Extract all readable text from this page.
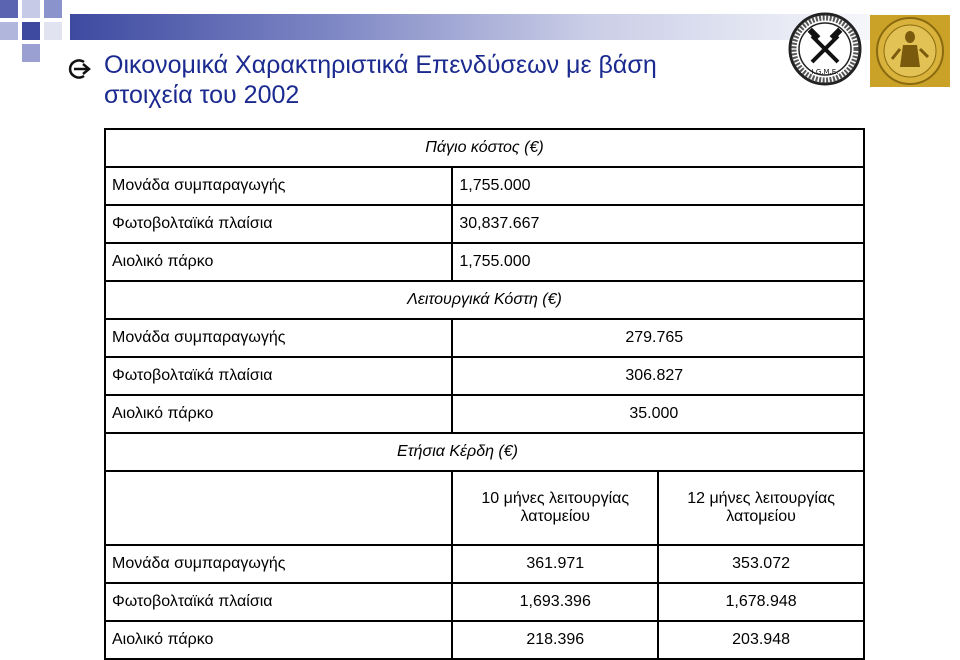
I.G.M.E.
Οικονομικά Χαρακτηριστικά Επενδύσεων με βάση στοιχεία του 2002
Πάγιο κόστος (€)		
Μονάδα συμπαραγωγής	1,755.000	
Φωτοβολταϊκά πλαίσια	30,837.667	
Αιολικό πάρκο	1,755.000	
Λειτουργικά Κόστη (€)		
Μονάδα συμπαραγωγής	279.765	
Φωτοβολταϊκά πλαίσια	306.827	
Αιολικό πάρκο	35.000	
Ετήσια Κέρδη (€)		
	10 μήνες λειτουργίας λατομείου	12 μήνες λειτουργίας λατομείου
Μονάδα συμπαραγωγής	361.971	353.072
Φωτοβολταϊκά πλαίσια	1,693.396	1,678.948
Αιολικό πάρκο	218.396	203.948
